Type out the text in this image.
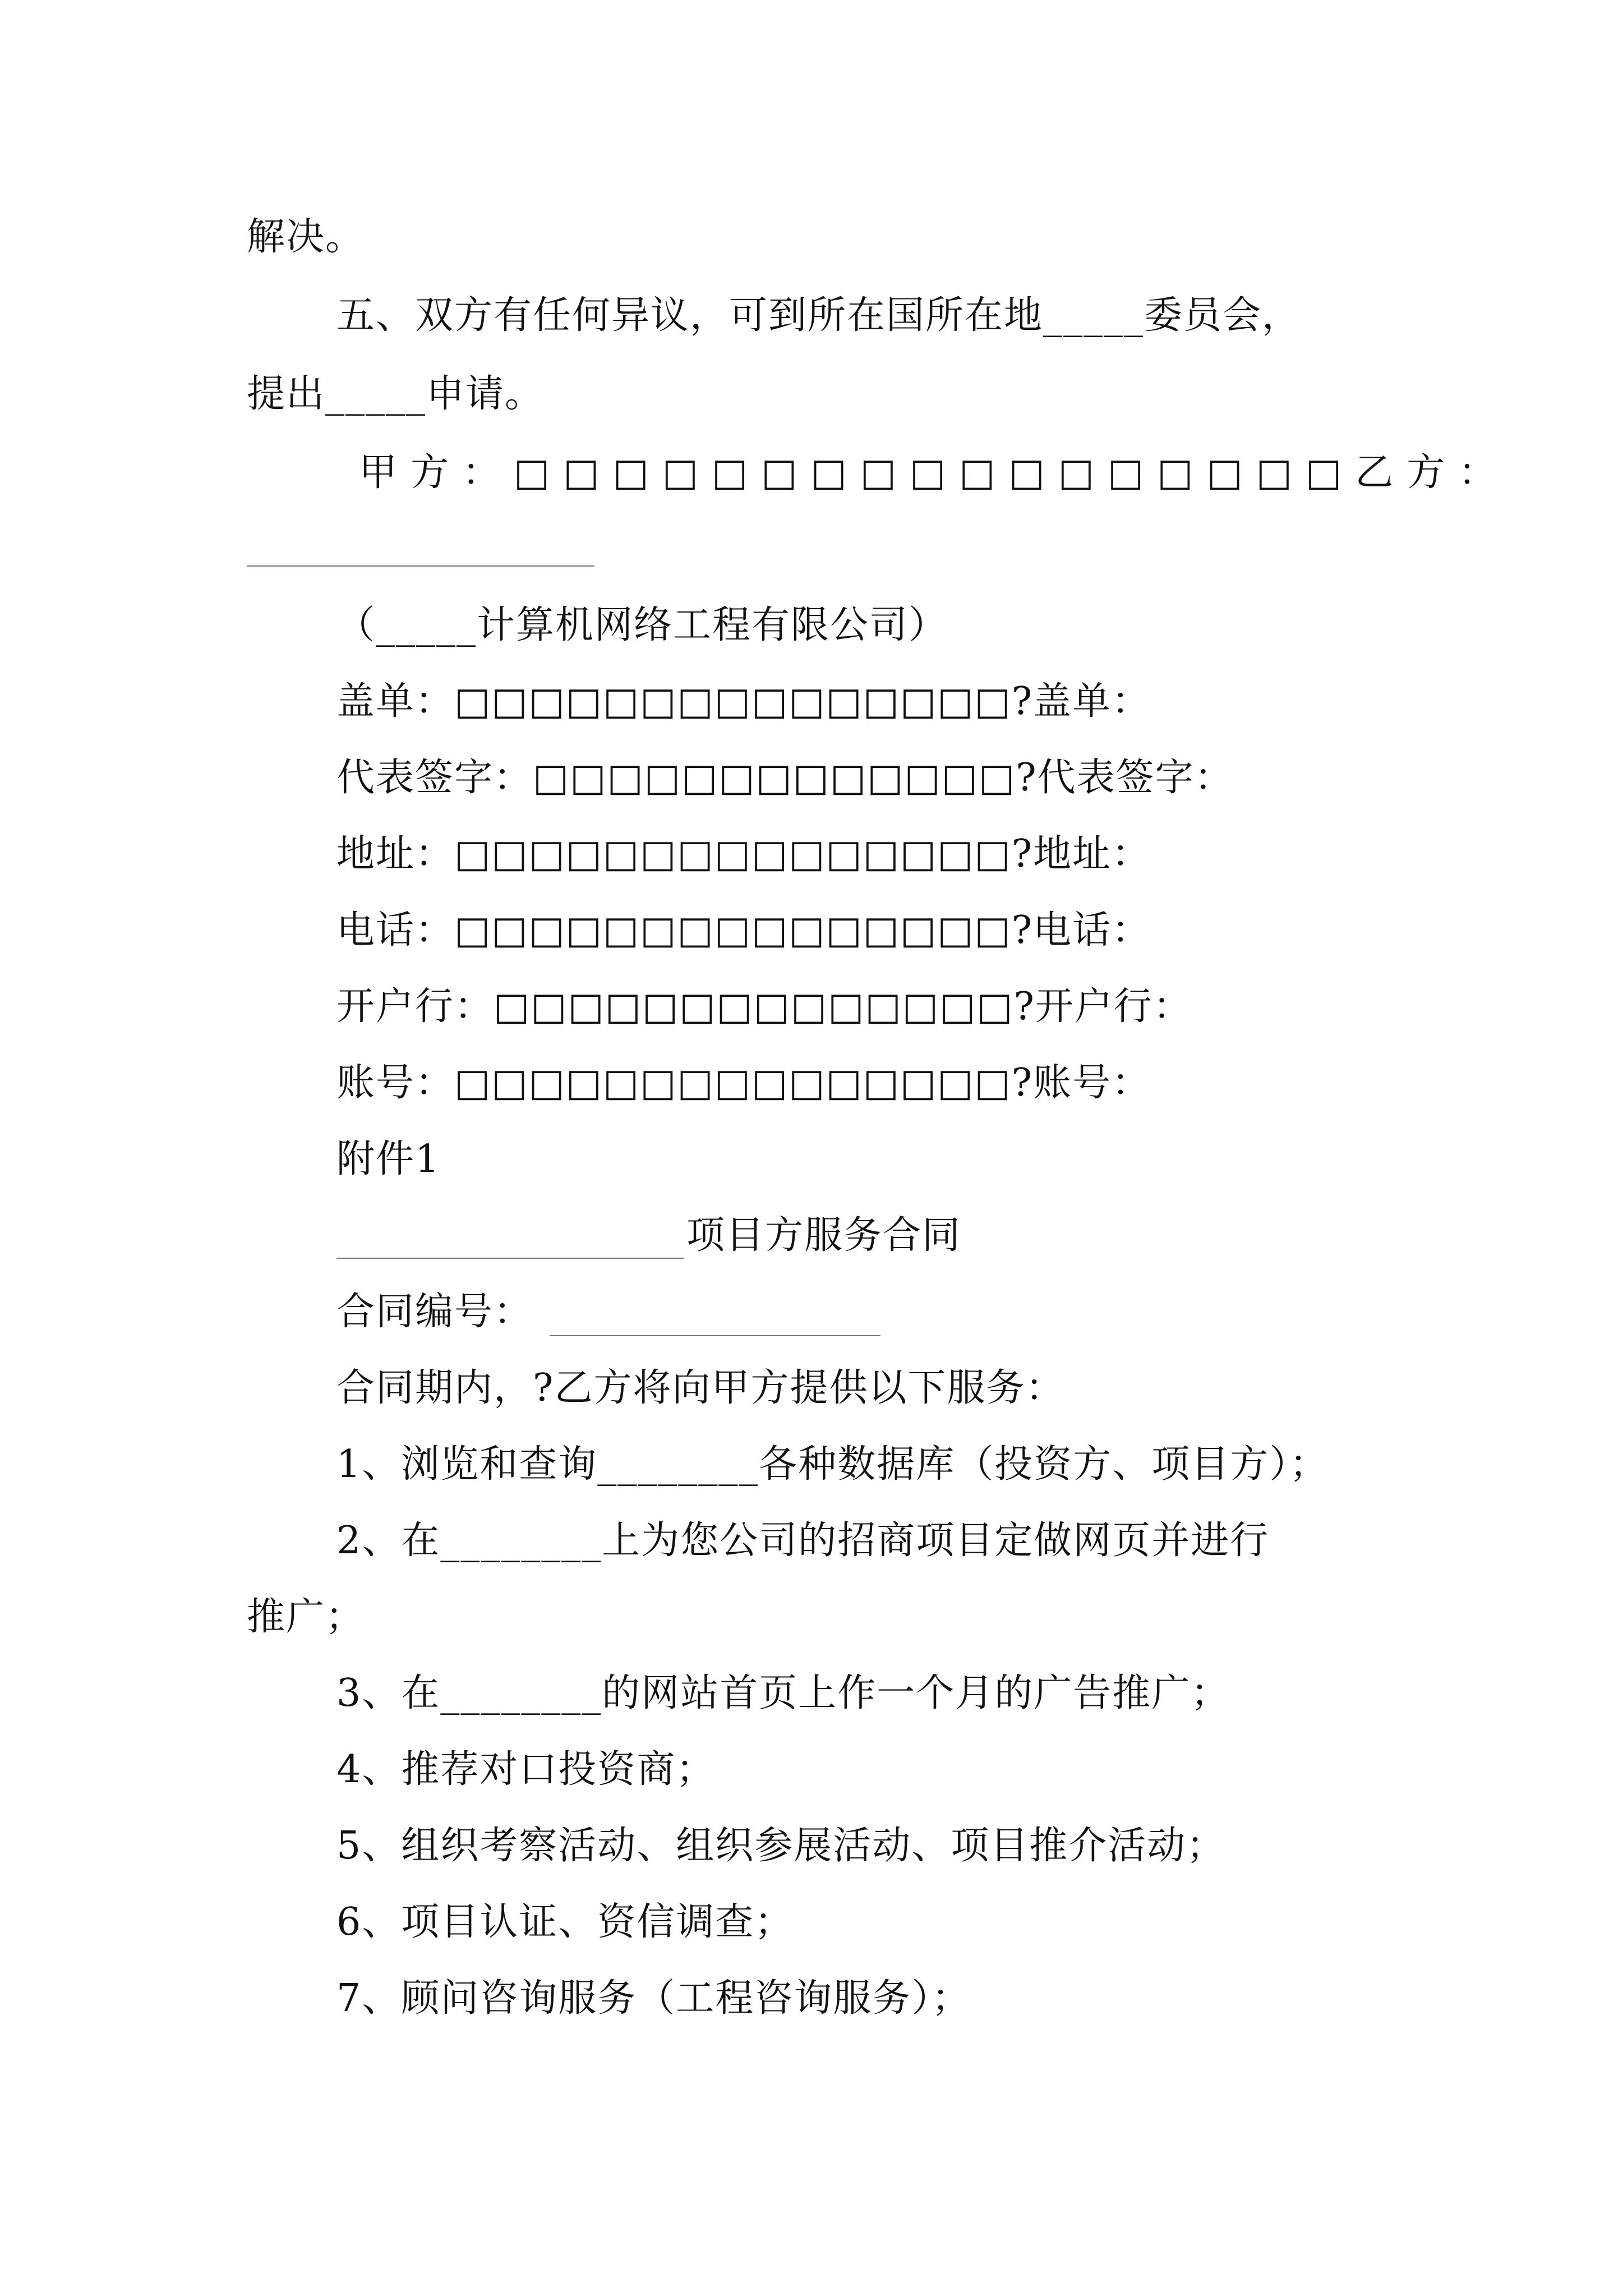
解决。
五、双方有任何异议，可到所在国所在地_____委员会，
提出_____申请。
甲方：□□□□□□□□□□□□□□□□□乙方：
（_____计算机网络工程有限公司）
盖单：□□□□□□□□□□□□□□□?盖单：
代表签字：□□□□□□□□□□□□□?代表签字：
地址：□□□□□□□□□□□□□□□?地址：
电话：□□□□□□□□□□□□□□□?电话：
开户行：□□□□□□□□□□□□□□?开户行：
账号：□□□□□□□□□□□□□□□?账号：
附件1
项目方服务合同
合同编号：
合同期内，?乙方将向甲方提供以下服务：
1、浏览和查询________各种数据库（投资方、项目方）；
2、在________上为您公司的招商项目定做网页并进行
推广；
3、在________的网站首页上作一个月的广告推广；
4、推荐对口投资商；
5、组织考察活动、组织参展活动、项目推介活动；
6、项目认证、资信调查；
7、顾问咨询服务（工程咨询服务）；
